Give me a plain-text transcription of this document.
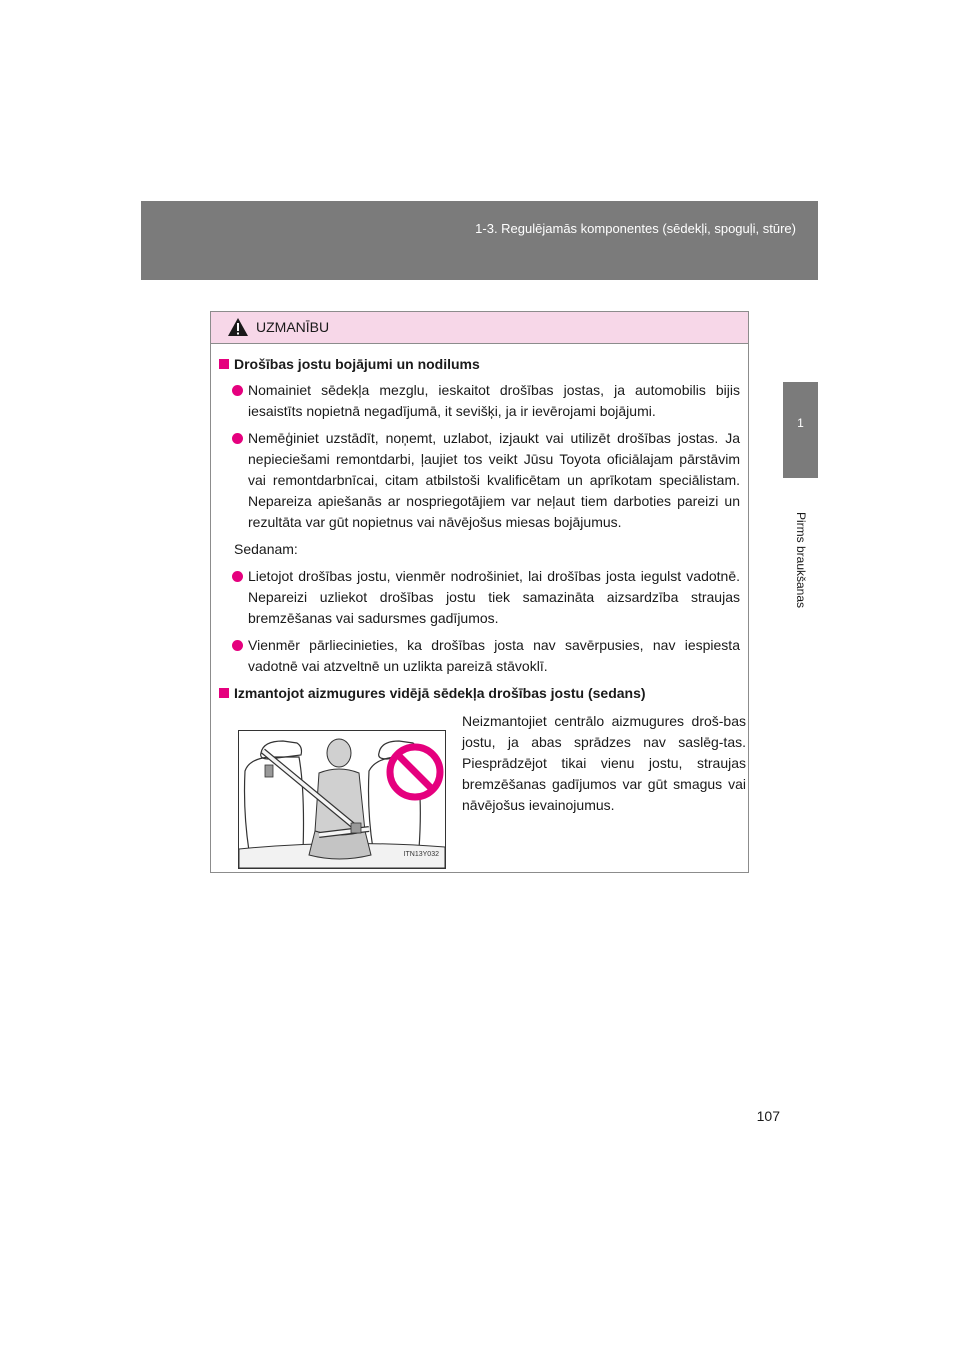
1-3. Regulējamās komponentes (sēdekļi, spoguļi, stūre)
1
Pirms braukšanas
UZMANĪBU

Drošības jostu bojājumi un nodilums

Nomainiet sēdekļa mezglu, ieskaitot drošības jostas, ja automobilis bijis iesaistīts nopietnā negadījumā, it sevišķi, ja ir ievērojami bojājumi.

Nemēģiniet uzstādīt, noņemt, uzlabot, izjaukt vai utilizēt drošības jostas. Ja nepieciešami remontdarbi, ļaujiet tos veikt Jūsu Toyota oficiālajam pārstāvim vai remontdarbnīcai, citam atbilstoši kvalificētam un aprīkotam speciālistam. Nepareiza apiešanās ar nospriegotājiem var neļaut tiem darboties pareizi un rezultāta var gūt nopietnus vai nāvējošus miesas bojājumus.

Sedanam:

Lietojot drošības jostu, vienmēr nodrošiniet, lai drošības josta iegulst vadotnē. Nepareizi uzliekot drošības jostu tiek samazināta aizsardzība straujas bremzēšanas vai sadursmes gadījumos.

Vienmēr pārliecinieties, ka drošības josta nav savērpusies, nav iespiesta vadotnē vai atzveltnē un uzlikta pareizā stāvoklī.

Izmantojot aizmugures vidējā sēdekļa drošības jostu (sedans)

ITN13Y032
Neizmantojiet centrālo aizmugures droš-bas jostu, ja abas sprādzes nav saslēg-tas. Piesprādzējot tikai vienu jostu, straujas bremzēšanas gadījumos var gūt smagus vai nāvējošus ievainojumus.
107
